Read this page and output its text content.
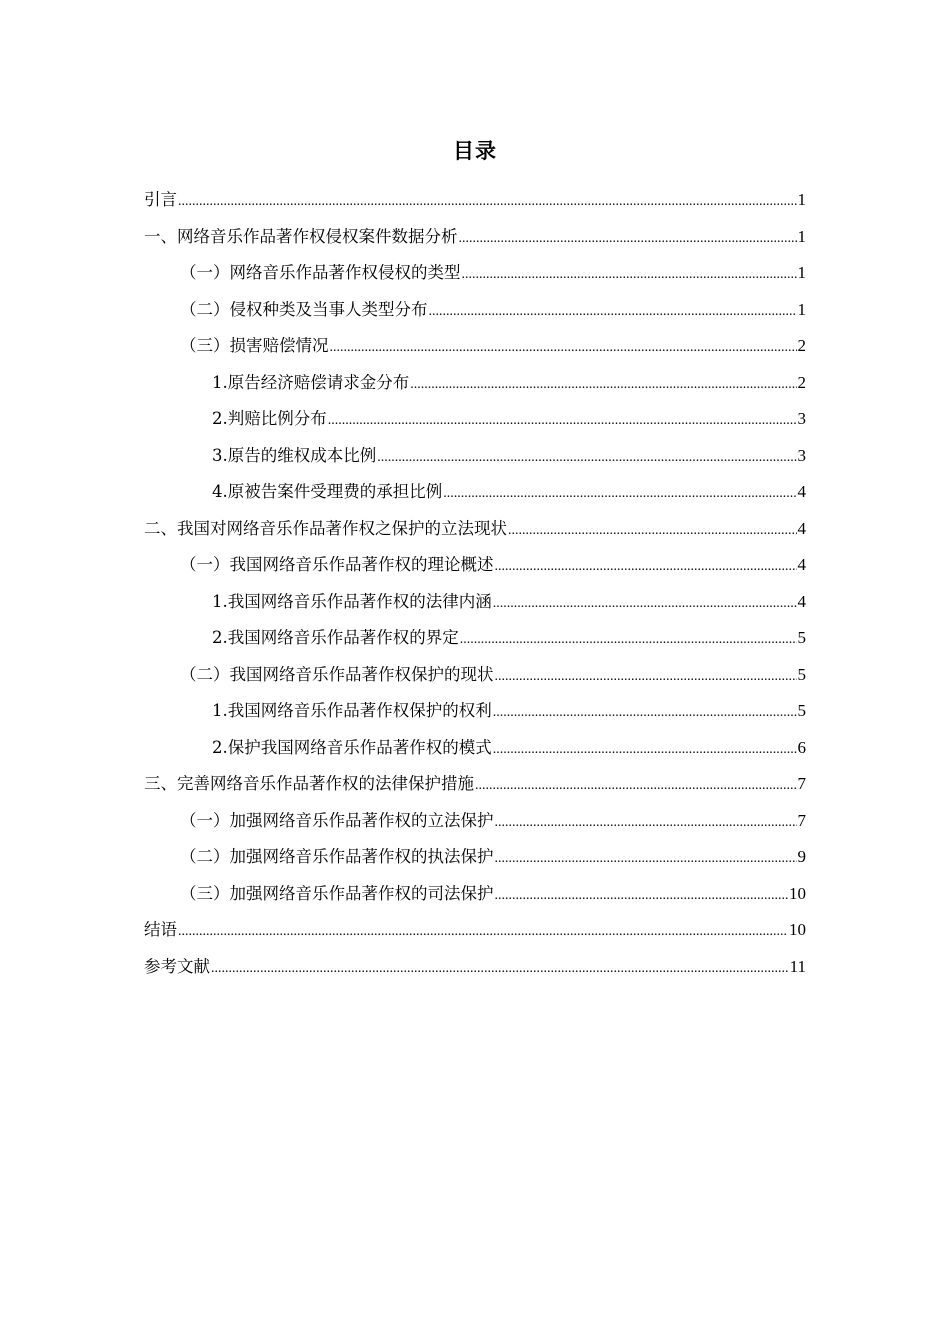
目录
引言 .....	1
一、网络音乐作品著作权侵权案件数据分析 .....	1
（一）网络音乐作品著作权侵权的类型 .....	1
（二）侵权种类及当事人类型分布 .....	1
（三）损害赔偿情况 .....	2
1.原告经济赔偿请求金分布 .....	2
2.判赔比例分布 .....	3
3.原告的维权成本比例 .....	3
4.原被告案件受理费的承担比例 .....	4
二、我国对网络音乐作品著作权之保护的立法现状 .....	4
（一）我国网络音乐作品著作权的理论概述 .....	4
1.我国网络音乐作品著作权的法律内涵 .....	4
2.我国网络音乐作品著作权的界定 .....	5
（二）我国网络音乐作品著作权保护的现状 .....	5
1.我国网络音乐作品著作权保护的权利 .....	5
2.保护我国网络音乐作品著作权的模式 .....	6
三、完善网络音乐作品著作权的法律保护措施 .....	7
（一）加强网络音乐作品著作权的立法保护 .....	7
（二）加强网络音乐作品著作权的执法保护 .....	9
（三）加强网络音乐作品著作权的司法保护 .....	10
结语 .....	10
参考文献 .....	11
